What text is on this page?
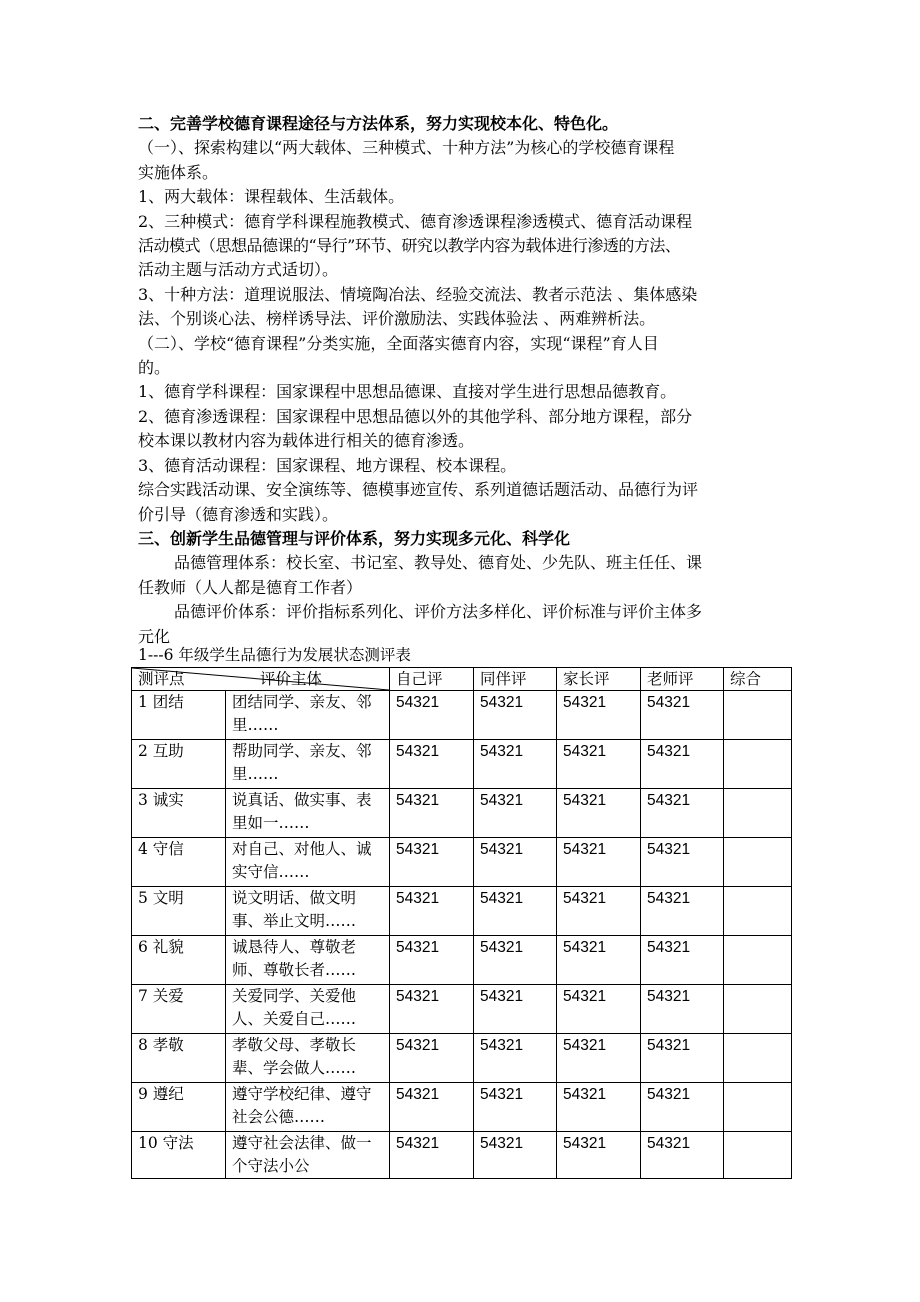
二、完善学校德育课程途径与方法体系，努力实现校本化、特色化。
（一）、探索构建以“两大载体、三种模式、十种方法”为核心的学校德育课程
实施体系。
1、两大载体：课程载体、生活载体。
2、三种模式：德育学科课程施教模式、德育渗透课程渗透模式、德育活动课程
活动模式（思想品德课的“导行”环节、研究以教学内容为载体进行渗透的方法、
活动主题与活动方式适切）。
3、十种方法：道理说服法、情境陶冶法、经验交流法、教者示范法 、集体感染
法、个别谈心法、榜样诱导法、评价激励法、实践体验法 、两难辨析法。
（二）、学校“德育课程”分类实施，全面落实德育内容，实现“课程”育人目
的。
1、德育学科课程：国家课程中思想品德课、直接对学生进行思想品德教育。
2、德育渗透课程：国家课程中思想品德以外的其他学科、部分地方课程，部分
校本课以教材内容为载体进行相关的德育渗透。
3、德育活动课程：国家课程、地方课程、校本课程。
综合实践活动课、安全演练等、德模事迹宣传、系列道德话题活动、品德行为评
价引导（德育渗透和实践）。
三、创新学生品德管理与评价体系，努力实现多元化、科学化
品德管理体系：校长室、书记室、教导处、德育处、少先队、班主任任、课
任教师（人人都是德育工作者）
品德评价体系：评价指标系列化、评价方法多样化、评价标准与评价主体多
元化
1---6 年级学生品德行为发展状态测评表
测评点 评价主体		自己评	同伴评	家长评	老师评	综合
1 团结	团结同学、亲友、邻里……	54321	54321	54321	54321	
2 互助	帮助同学、亲友、邻里……	54321	54321	54321	54321	
3 诚实	说真话、做实事、表里如一……	54321	54321	54321	54321	
4 守信	对自己、对他人、诚实守信……	54321	54321	54321	54321	
5 文明	说文明话、做文明事、举止文明……	54321	54321	54321	54321	
6 礼貌	诚恳待人、尊敬老师、尊敬长者……	54321	54321	54321	54321	
7 关爱	关爱同学、关爱他人、关爱自己……	54321	54321	54321	54321	
8 孝敬	孝敬父母、孝敬长辈、学会做人……	54321	54321	54321	54321	
9 遵纪	遵守学校纪律、遵守社会公德……	54321	54321	54321	54321	
10 守法	遵守社会法律、做一个守法小公	54321	54321	54321	54321	
